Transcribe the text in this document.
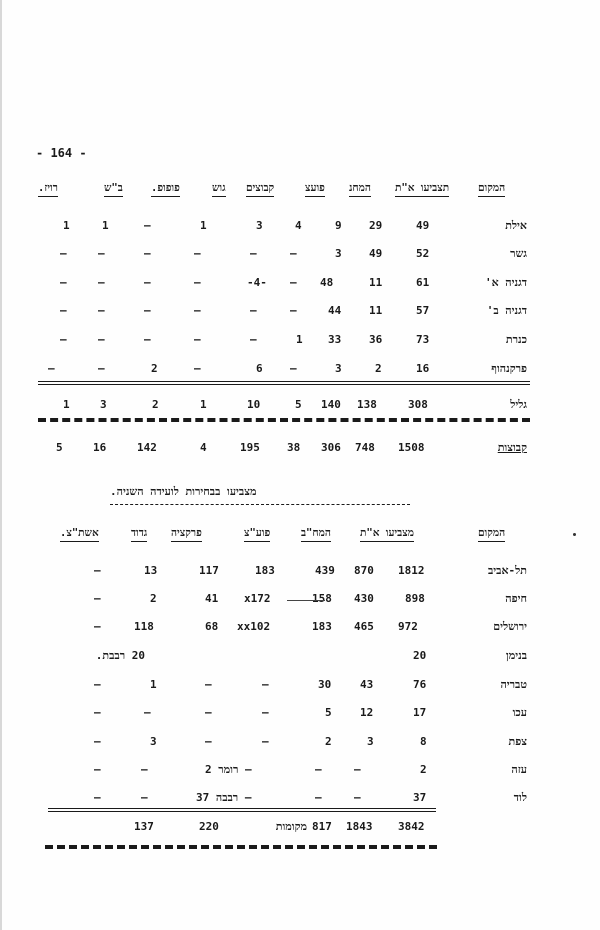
- 164 -
המקום
תצביעו א"ת
המחנ
פועצ
קבוצים
גוש
פופופ.
ב"ש
רויז.
אילת
49
29
9
4
3
1
—
1
1
גשר
52
49
3
—
—
—
—
—
—
דגניה א'
61
11
48
—
-4-
—
—
—
—
דגניה ב'
57
11
44
—
—
—
—
—
—
כנרת
73
36
33
1
—
—
—
—
—
פרקנהוף
16
2
3
—
6
—
2
—
—
גליל
308
138
140
5
10
1
2
3
1
קבוצות
1508
748
306
38
195
4
142
16
5
מצביעו בבחירות לועידה השניה.
המקום
מצביעו א"ת
המח"ב
פוע"צ
פרקציה
גדוד
אשת"צ.
תל-אביב
1812
870
439
183
117
13
—
חיפה
898
430
158
x172
41
2
—
ירושלים
972
465
183
xx102
68
118
—
בנימן
20
20 רבבת.
טבריה
76
43
30
—
—
1
—
עכו
17
12
5
—
—
—
—
צפת
8
3
2
—
—
3
—
עזה
2
—
—
2 רומר —
—
—
לוד
37
—
—
37 רבבה —
—
—
3842
1843
817
מקומות
220
137
